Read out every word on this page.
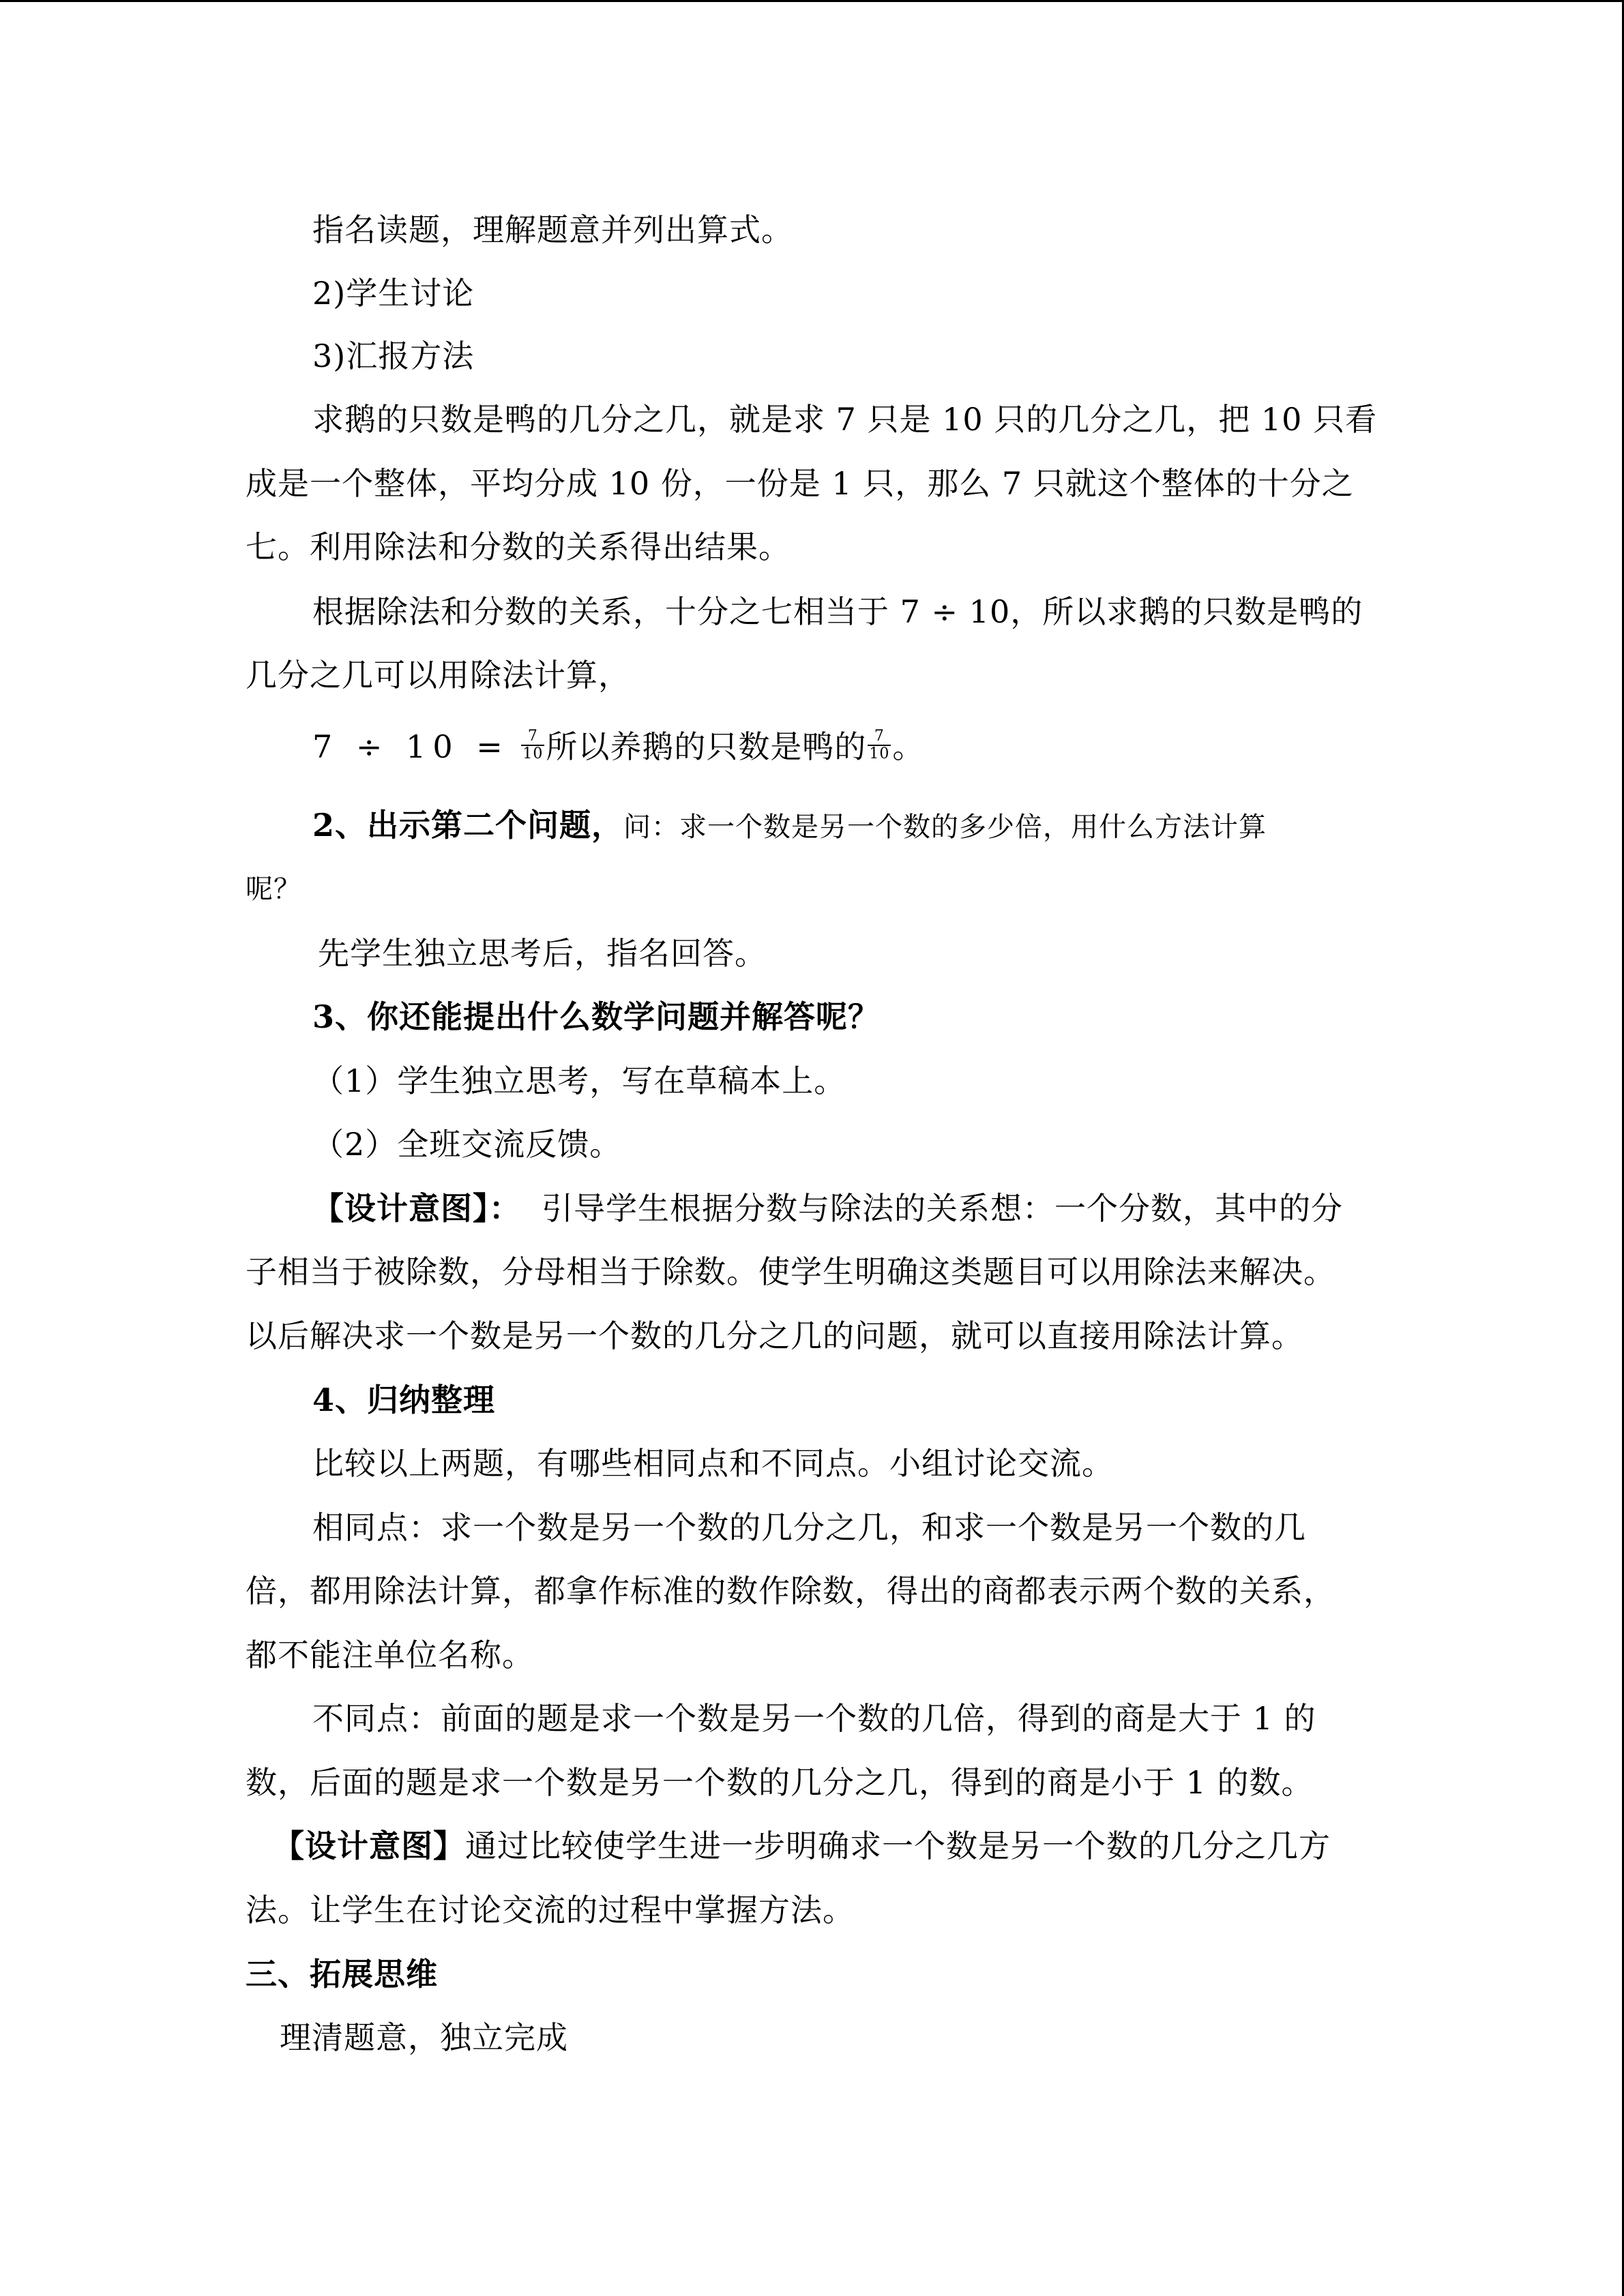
指名读题，理解题意并列出算式。
2)学生讨论
3)汇报方法
求鹅的只数是鸭的几分之几，就是求 7 只是 10 只的几分之几，把 10 只看
成是一个整体，平均分成 10 份，一份是 1 只，那么 7 只就这个整体的十分之
七。利用除法和分数的关系得出结果。
根据除法和分数的关系，十分之七相当于 7 ÷ 10，所以求鹅的只数是鸭的
几分之几可以用除法计算，
$7 \div 10 = \frac{7}{10}$ 所以养鹅的只数是鸭的 $\frac{7}{10}$ 。
2、出示第二个问题，问：求一个数是另一个数的多少倍，用什么方法计算
呢？
先学生独立思考后，指名回答。
3、你还能提出什么数学问题并解答呢？
（1）学生独立思考，写在草稿本上。
（2）全班交流反馈。
【设计意图】： 引导学生根据分数与除法的关系想：一个分数，其中的分
子相当于被除数，分母相当于除数。使学生明确这类题目可以用除法来解决。
以后解决求一个数是另一个数的几分之几的问题，就可以直接用除法计算。
4、归纳整理
比较以上两题，有哪些相同点和不同点。小组讨论交流。
相同点：求一个数是另一个数的几分之几，和求一个数是另一个数的几
倍，都用除法计算，都拿作标准的数作除数，得出的商都表示两个数的关系，
都不能注单位名称。
不同点：前面的题是求一个数是另一个数的几倍，得到的商是大于 1 的
数，后面的题是求一个数是另一个数的几分之几，得到的商是小于 1 的数。
【设计意图】通过比较使学生进一步明确求一个数是另一个数的几分之几方
法。让学生在讨论交流的过程中掌握方法。
三、拓展思维
理清题意，独立完成
